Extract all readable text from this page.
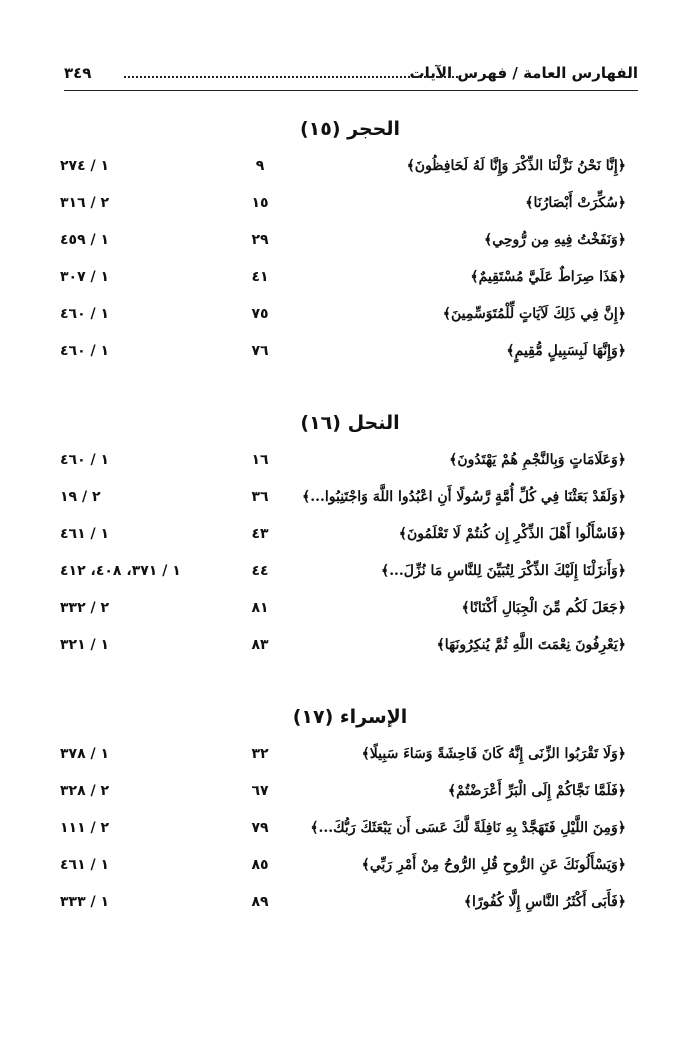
الفهارس العامة / فهرس الآيات
٣٤٩
الحجر (١٥)
﴿إِنَّا نَحْنُ نَزَّلْنَا الذِّكْرَ وَإِنَّا لَهُ لَحَافِظُونَ﴾
٩
١ / ٢٧٤
﴿سُكِّرَتْ أَبْصَارُنَا﴾
١٥
٢ / ٣١٦
﴿وَنَفَخْتُ فِيهِ مِن رُّوحِي﴾
٢٩
١ / ٤٥٩
﴿هَذَا صِرَاطٌ عَلَيَّ مُسْتَقِيمٌ﴾
٤١
١ / ٣٠٧
﴿إِنَّ فِي ذَلِكَ لَآيَاتٍ لِّلْمُتَوَسِّمِينَ﴾
٧٥
١ / ٤٦٠
﴿وَإِنَّهَا لَبِسَبِيلٍ مُّقِيمٍ﴾
٧٦
١ / ٤٦٠
النحل (١٦)
﴿وَعَلَامَاتٍ وَبِالنَّجْمِ هُمْ يَهْتَدُونَ﴾
١٦
١ / ٤٦٠
﴿وَلَقَدْ بَعَثْنَا فِي كُلِّ أُمَّةٍ رَّسُولًا أَنِ اعْبُدُوا اللَّهَ وَاجْتَنِبُوا...﴾
٣٦
٢ / ١٩
﴿فَاسْأَلُوا أَهْلَ الذِّكْرِ إِن كُنتُمْ لَا تَعْلَمُونَ﴾
٤٣
١ / ٤٦١
﴿وَأَنزَلْنَا إِلَيْكَ الذِّكْرَ لِتُبَيِّنَ لِلنَّاسِ مَا نُزِّلَ...﴾
٤٤
١ / ٣٧١، ٤٠٨، ٤١٢
﴿جَعَلَ لَكُم مِّنَ الْجِبَالِ أَكْنَانًا﴾
٨١
٢ / ٣٣٢
﴿يَعْرِفُونَ نِعْمَتَ اللَّهِ ثُمَّ يُنكِرُونَهَا﴾
٨٣
١ / ٣٢١
الإسراء (١٧)
﴿وَلَا تَقْرَبُوا الزِّنَى إِنَّهُ كَانَ فَاحِشَةً وَسَاءَ سَبِيلًا﴾
٣٢
١ / ٣٧٨
﴿فَلَمَّا نَجَّاكُمْ إِلَى الْبَرِّ أَعْرَضْتُمْ﴾
٦٧
٢ / ٣٢٨
﴿وَمِنَ اللَّيْلِ فَتَهَجَّدْ بِهِ نَافِلَةً لَّكَ عَسَى أَن يَبْعَثَكَ رَبُّكَ...﴾
٧٩
٢ / ١١١
﴿وَيَسْأَلُونَكَ عَنِ الرُّوحِ قُلِ الرُّوحُ مِنْ أَمْرِ رَبِّي﴾
٨٥
١ / ٤٦١
﴿فَأَبَى أَكْثَرُ النَّاسِ إِلَّا كُفُورًا﴾
٨٩
١ / ٣٣٣
